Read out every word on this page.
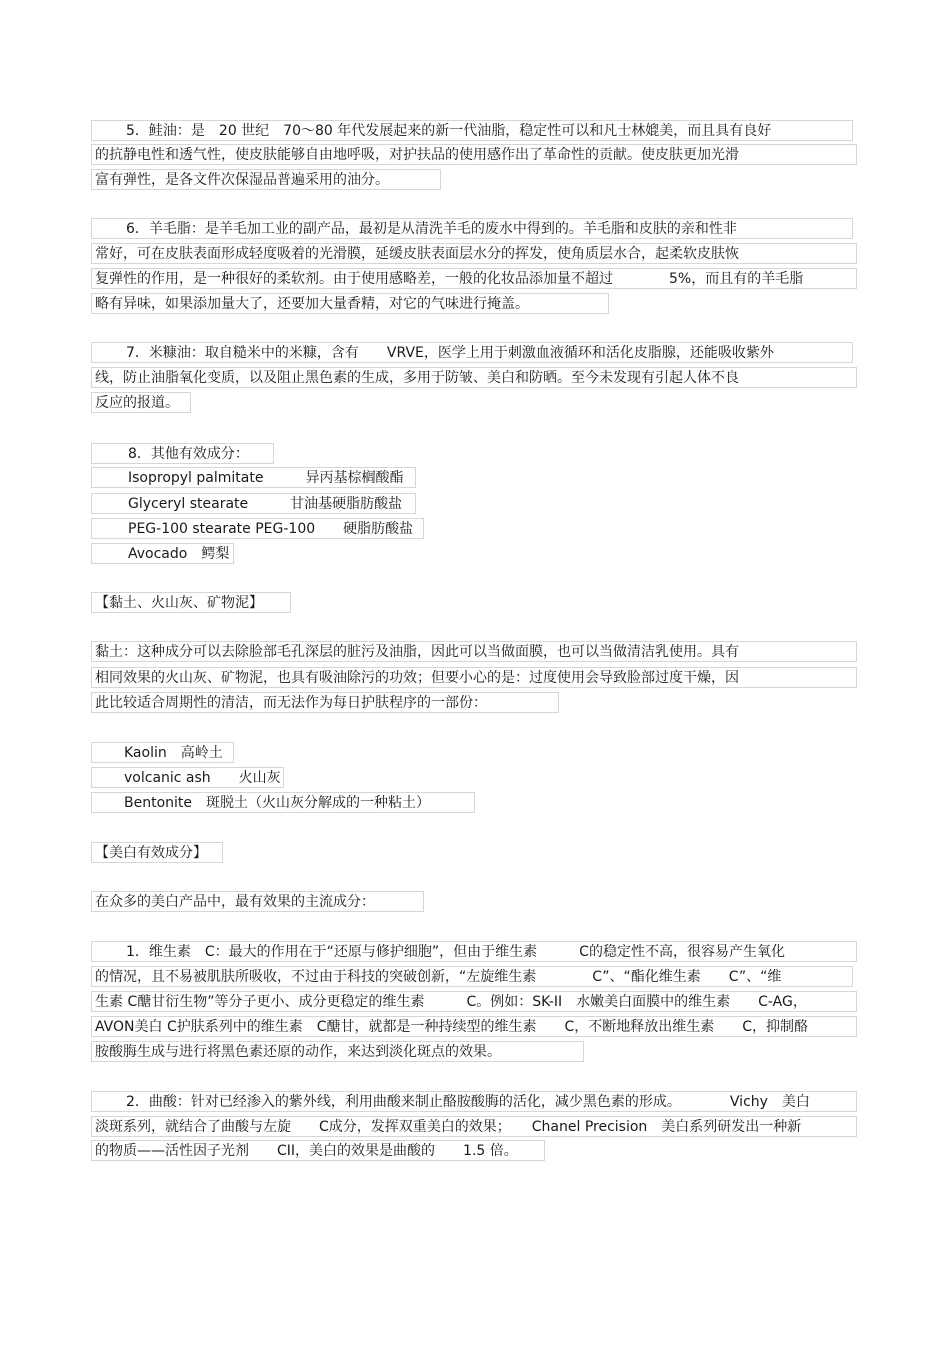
5．鲑油：是　20 世纪　70～80 年代发展起来的新一代油脂，稳定性可以和凡士林媲美，而且具有良好
的抗静电性和透气性，使皮肤能够自由地呼吸，对护扶品的使用感作出了革命性的贡献。使皮肤更加光滑
富有弹性，是各文件次保湿品普遍采用的油分。
6．羊毛脂：是羊毛加工业的副产品，最初是从清洗羊毛的废水中得到的。羊毛脂和皮肤的亲和性非
常好，可在皮肤表面形成轻度吸着的光滑膜，延缓皮肤表面层水分的挥发，使角质层水合，起柔软皮肤恢
复弹性的作用，是一种很好的柔软剂。由于使用感略差，一般的化妆品添加量不超过　　　　5%，而且有的羊毛脂
略有异味，如果添加量大了，还要加大量香精，对它的气味进行掩盖。
7．米糠油：取自糙米中的米糠，含有　　VRVE，医学上用于刺激血液循环和活化皮脂腺，还能吸收紫外
线，防止油脂氧化变质，以及阻止黑色素的生成，多用于防皱、美白和防晒。至今未发现有引起人体不良
反应的报道。
8．其他有效成分：
Isopropyl palmitate　　　异丙基棕榈酸酯
Glyceryl stearate　　　甘油基硬脂肪酸盐
PEG-100 stearate PEG-100　　硬脂肪酸盐
Avocado　鳄梨
【黏土、火山灰、矿物泥】
黏土：这种成分可以去除脸部毛孔深层的脏污及油脂，因此可以当做面膜，也可以当做清洁乳使用。具有
相同效果的火山灰、矿物泥，也具有吸油除污的功效；但要小心的是：过度使用会导致脸部过度干燥，因
此比较适合周期性的清洁，而无法作为每日护肤程序的一部份：
Kaolin　高岭土
volcanic ash　　火山灰
Bentonite　斑脱土（火山灰分解成的一种粘土）
【美白有效成分】
在众多的美白产品中，最有效果的主流成分：
1．维生素　C：最大的作用在于“还原与修护细胞”，但由于维生素　　　C的稳定性不高，很容易产生氧化
的情况，且不易被肌肤所吸收，不过由于科技的突破创新，“左旋维生素　　　　C”、“酯化维生素　　C”、“维
生素 C醣甘衍生物”等分子更小、成分更稳定的维生素　　　C。例如：SK-II　水嫩美白面膜中的维生素　　C-AG，
AVON美白 C护肤系列中的维生素　C醣甘，就都是一种持续型的维生素　　C，不断地释放出维生素　　C，抑制酪
胺酸脢生成与进行将黑色素还原的动作，来达到淡化斑点的效果。
2．曲酸：针对已经渗入的紫外线，利用曲酸来制止酪胺酸脢的活化，减少黑色素的形成。　　　　Vichy　美白
淡斑系列，就结合了曲酸与左旋　　C成分，发挥双重美白的效果；　　Chanel Precision　美白系列研发出一种新
的物质——活性因子光剂　　CII，美白的效果是曲酸的　　1.5 倍。
